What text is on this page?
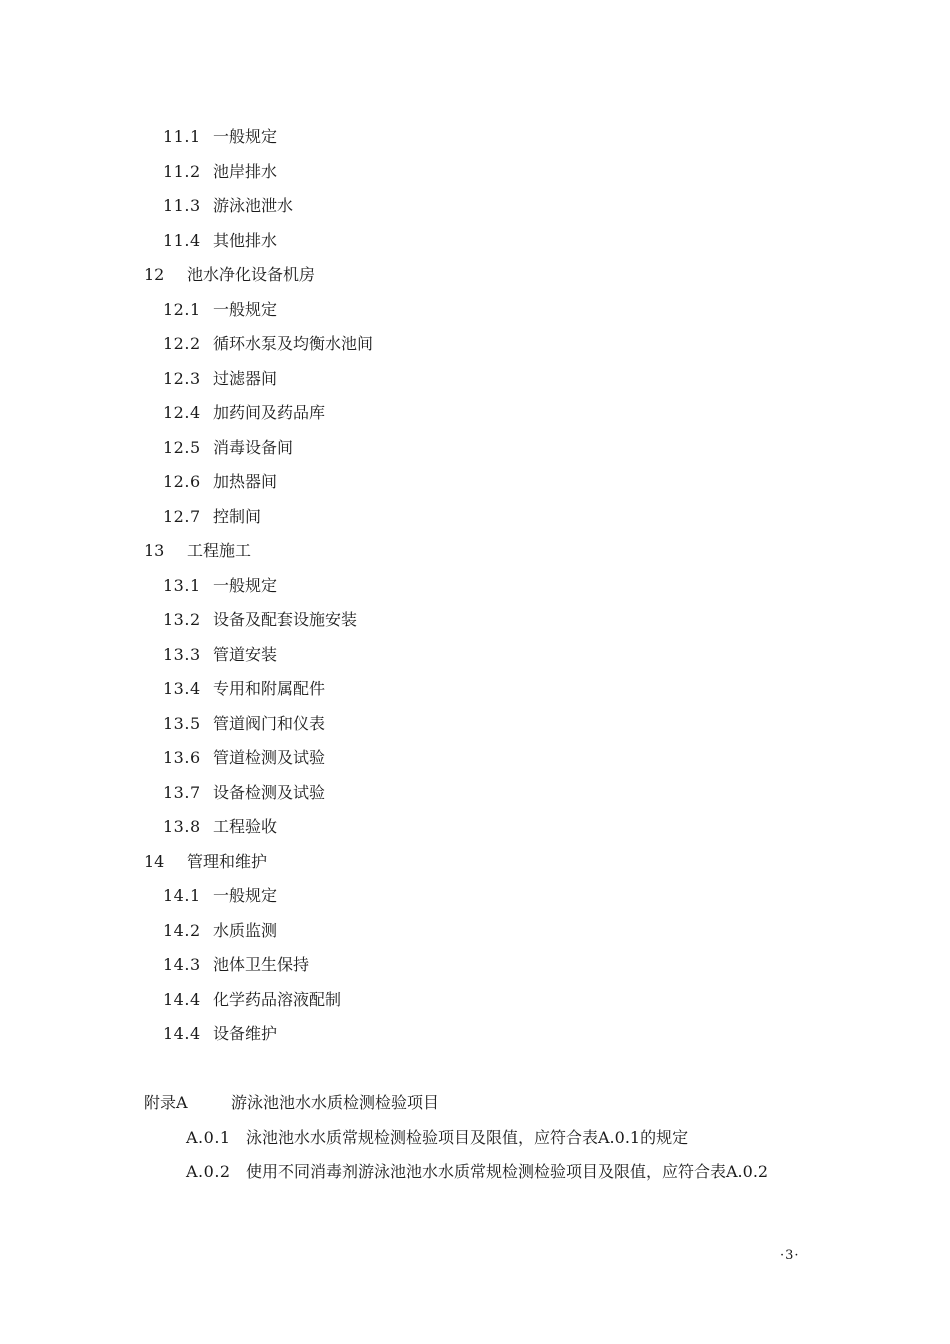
11.1 一般规定
11.2 池岸排水
11.3 游泳池泄水
11.4 其他排水
12	池水净化设备机房
12.1 一般规定
12.2 循环水泵及均衡水池间
12.3 过滤器间
12.4 加药间及药品库
12.5 消毒设备间
12.6 加热器间
12.7 控制间
13	工程施工
13.1 一般规定
13.2 设备及配套设施安装
13.3 管道安装
13.4 专用和附属配件
13.5 管道阀门和仪表
13.6 管道检测及试验
13.7 设备检测及试验
13.8 工程验收
14	管理和维护
14.1 一般规定
14.2 水质监测
14.3 池体卫生保持
14.4 化学药品溶液配制
14.4 设备维护
附录A	游泳池池水水质检测检验项目
A.0.1 泳池池水水质常规检测检验项目及限值，应符合表A.0.1的规定
A.0.2 使用不同消毒剂游泳池池水水质常规检测检验项目及限值，应符合表A.0.2
·3·
